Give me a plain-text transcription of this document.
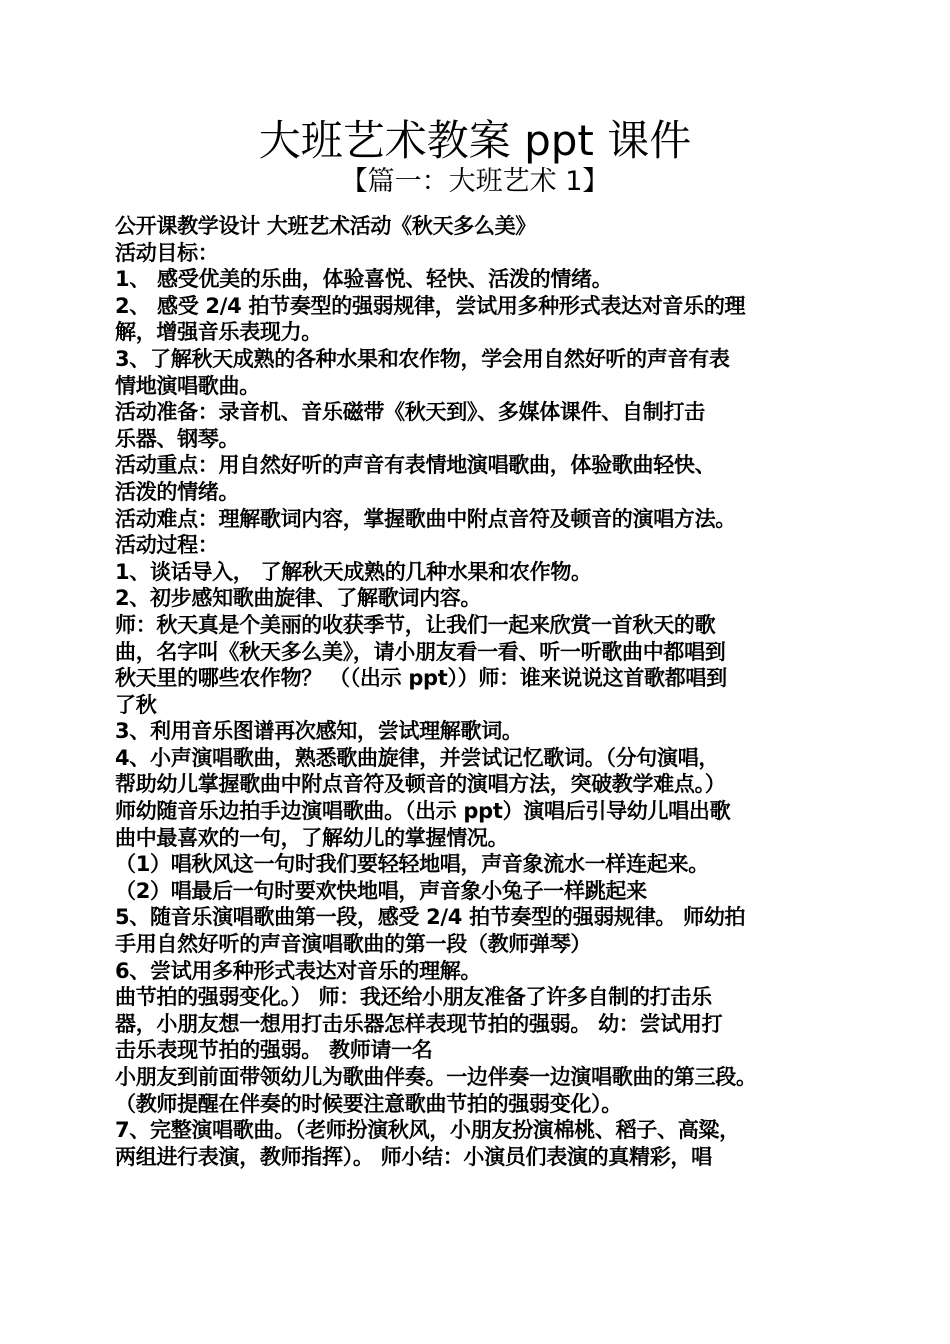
大班艺术教案 ppt 课件
【篇一：大班艺术 1】
公开课教学设计 大班艺术活动《秋天多么美》
活动目标：
1、 感受优美的乐曲，体验喜悦、轻快、活泼的情绪。
2、 感受 2/4 拍节奏型的强弱规律，尝试用多种形式表达对音乐的理
解，增强音乐表现力。
3、了解秋天成熟的各种水果和农作物，学会用自然好听的声音有表
情地演唱歌曲。
活动准备：录音机、音乐磁带《秋天到》、多媒体课件、自制打击
乐器、钢琴。
活动重点：用自然好听的声音有表情地演唱歌曲，体验歌曲轻快、
活泼的情绪。
活动难点：理解歌词内容，掌握歌曲中附点音符及顿音的演唱方法。
活动过程：
1、谈话导入， 了解秋天成熟的几种水果和农作物。
2、初步感知歌曲旋律、了解歌词内容。
师：秋天真是个美丽的收获季节，让我们一起来欣赏一首秋天的歌
曲，名字叫《秋天多么美》，请小朋友看一看、听一听歌曲中都唱到
秋天里的哪些农作物？ （（出示 ppt））师：谁来说说这首歌都唱到
了秋
3、利用音乐图谱再次感知，尝试理解歌词。
4、小声演唱歌曲，熟悉歌曲旋律，并尝试记忆歌词。（分句演唱，
帮助幼儿掌握歌曲中附点音符及顿音的演唱方法，突破教学难点。）
师幼随音乐边拍手边演唱歌曲。（出示 ppt）演唱后引导幼儿唱出歌
曲中最喜欢的一句，了解幼儿的掌握情况。
（1）唱秋风这一句时我们要轻轻地唱，声音象流水一样连起来。
（2）唱最后一句时要欢快地唱，声音象小兔子一样跳起来
5、随音乐演唱歌曲第一段，感受 2/4 拍节奏型的强弱规律。 师幼拍
手用自然好听的声音演唱歌曲的第一段（教师弹琴）
6、尝试用多种形式表达对音乐的理解。
曲节拍的强弱变化。） 师：我还给小朋友准备了许多自制的打击乐
器，小朋友想一想用打击乐器怎样表现节拍的强弱。 幼：尝试用打
击乐表现节拍的强弱。 教师请一名
小朋友到前面带领幼儿为歌曲伴奏。一边伴奏一边演唱歌曲的第三段。
（教师提醒在伴奏的时候要注意歌曲节拍的强弱变化）。
7、完整演唱歌曲。（老师扮演秋风，小朋友扮演棉桃、稻子、高粱，
两组进行表演，教师指挥）。 师小结：小演员们表演的真精彩，唱
